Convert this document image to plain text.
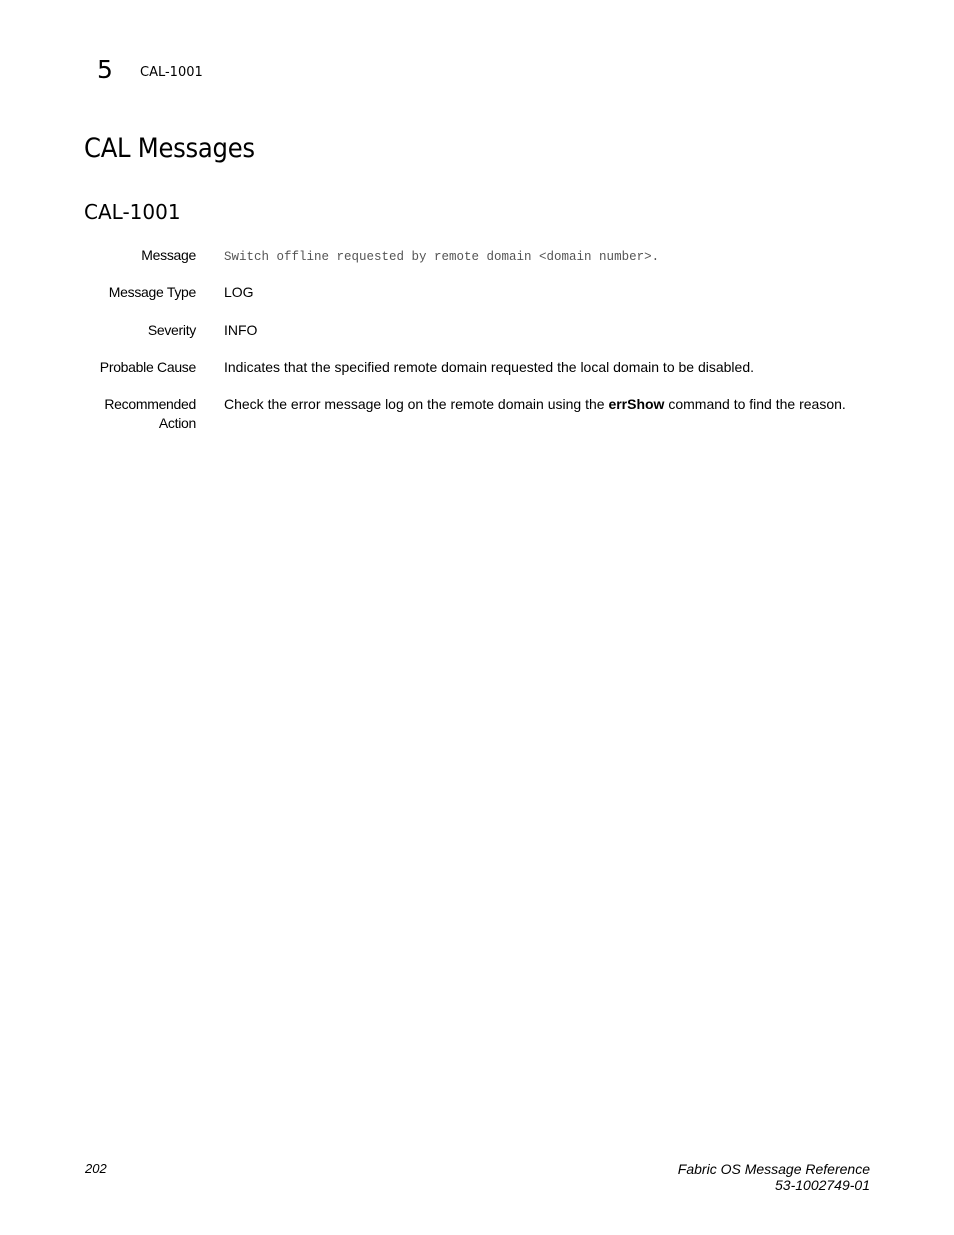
5 CAL-1001
CAL Messages
CAL-1001
Message Switch offline requested by remote domain <domain number>.
Message Type LOG
Severity INFO
Probable Cause Indicates that the specified remote domain requested the local domain to be disabled.
Recommended
Action
Check the error message log on the remote domain using the errShow command to find the reason.
202	Fabric OS Message Reference
53-1002749-01
